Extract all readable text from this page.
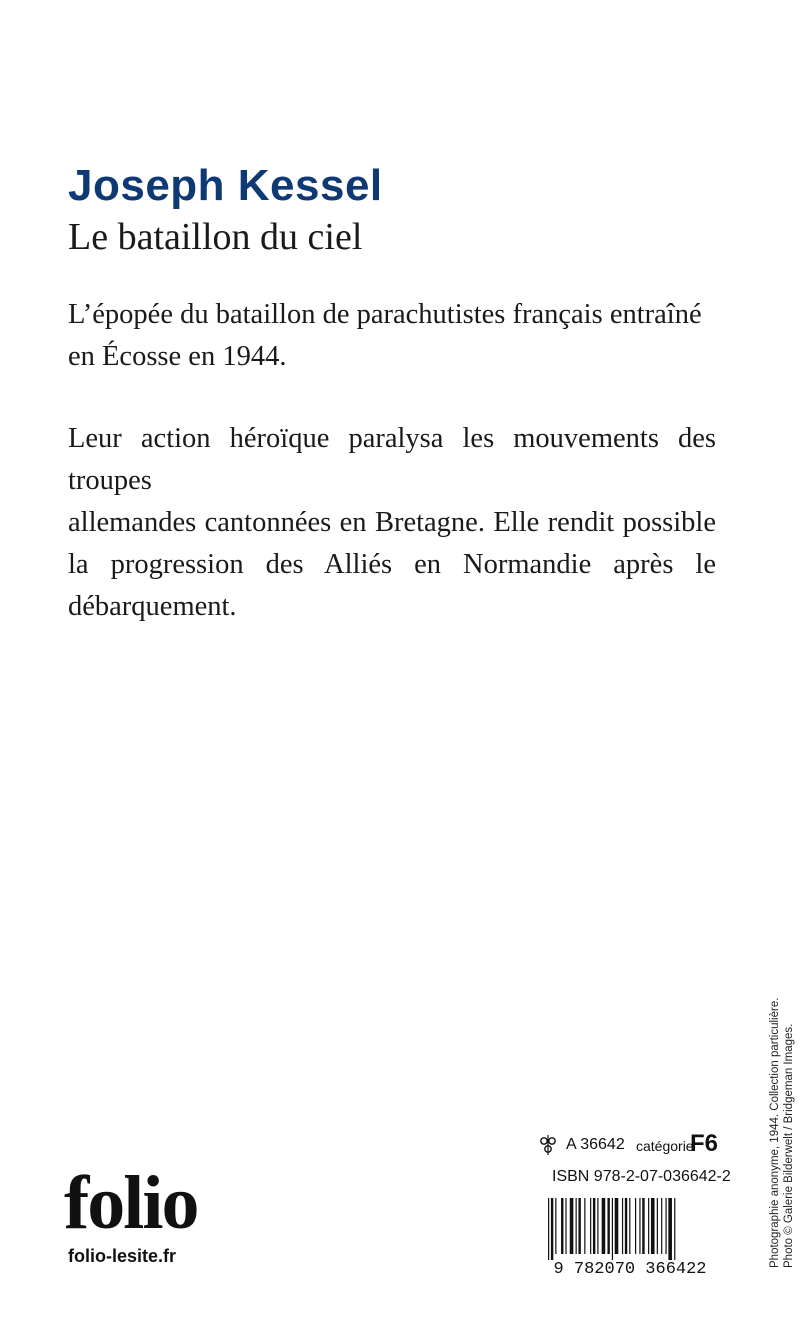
Joseph Kessel
Le bataillon du ciel
L’épopée du bataillon de parachutistes français entraîné
en Écosse en 1944.
Leur action héroïque paralysa les mouvements des troupes
allemandes cantonnées en Bretagne. Elle rendit possible
la progression des Alliés en Normandie après le
débarquement.
folio
folio-lesite.fr
A 36642 catégorie
F6
ISBN 978-2-07-036642-2
9 782070 366422
Photographie anonyme, 1944. Collection particulière. Photo © Galerie Bilderwelt / Bridgeman Images.
